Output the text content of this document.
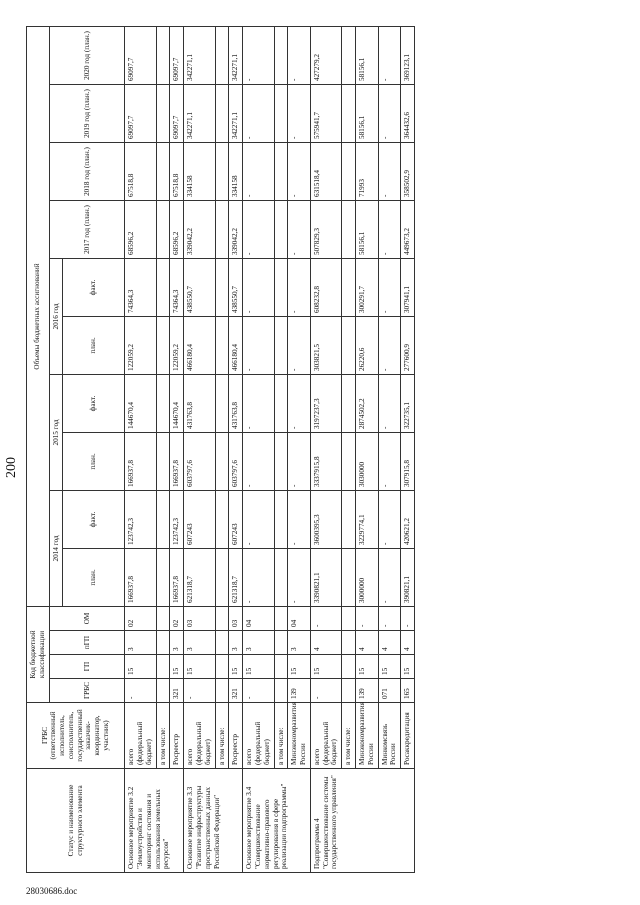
28030686.doc
200
Статус и наименование структурного элемента	ГРБС (ответственный исполнитель, соисполнитель, государственный заказчик-координатор, участник)	Код бюджетной классификации				Объемы бюджетных ассигнований									
		ГРБС	ГП	пГП	ОМ	2014 год		2015 год		2016 год		2017 год (план.)	2018 год (план.)	2019 год (план.)	2020 год (план.)
						план.	факт.	план.	факт.	план.	факт.				
Основное мероприятие 3.2 "Землеустройство и мониторинг состояния и использования земельных ресурсов"	всего (федеральный бюджет)	-	15	3	02	166937,8	123742,3	166937,8	144670,4	122059,2	74364,3	68596,2	67518,8	69097,7	69097,7
	в том числе:														
	Росреестр	321	15	3	02	166937,8	123742,3	166937,8	144670,4	122059,2	74364,3	68596,2	67518,8	69097,7	69097,7
Основное мероприятие 3.3 "Развитие инфраструктуры пространственных данных Российской Федерации"	всего (федеральный бюджет)	-	15	3	03	621318,7	607243	603797,6	431763,8	466180,4	438550,7	339042,2	334158	342271,1	342271,1
	в том числе:														
	Росреестр	321	15	3	03	621318,7	607243	603797,6	431763,8	466180,4	438550,7	339042,2	334158	342271,1	342271,1
Основное мероприятие 3.4 "Совершенствование нормативно-правового регулирования в сфере реализации подпрограммы"	всего (федеральный бюджет)	-	15	3	04	-	-	-	-	-	-	-	-	-	-
	в том числе:														
	Минэкономразвития России	139	15	3	04	-	-	-	-	-	-	-	-	-	-
Подпрограмма 4 "Совершенствование системы государственного управления"	всего (федеральный бюджет)	-	15	4	-	3390821,1	3600395,3	3337915,8	3197237,3	303821,5	608232,8	507829,3	631518,4	575941,7	427279,2
	в том числе:														
	Минэкономразвития России	139	15	4	-	3000000	3229774,1	3030000	2874502,2	26220,6	300291,7	58156,1	71993	58156,1	58156,1
	Минкомсвязь России	071	15	4	-	-	-	-	-	-	-	-	-	-	-
	Росаккредитация	165	15	4	-	390821,1	420621,2	307915,8	322735,1	277600,9	307941,1	449673,2	358502,9	364432,6	369123,1
